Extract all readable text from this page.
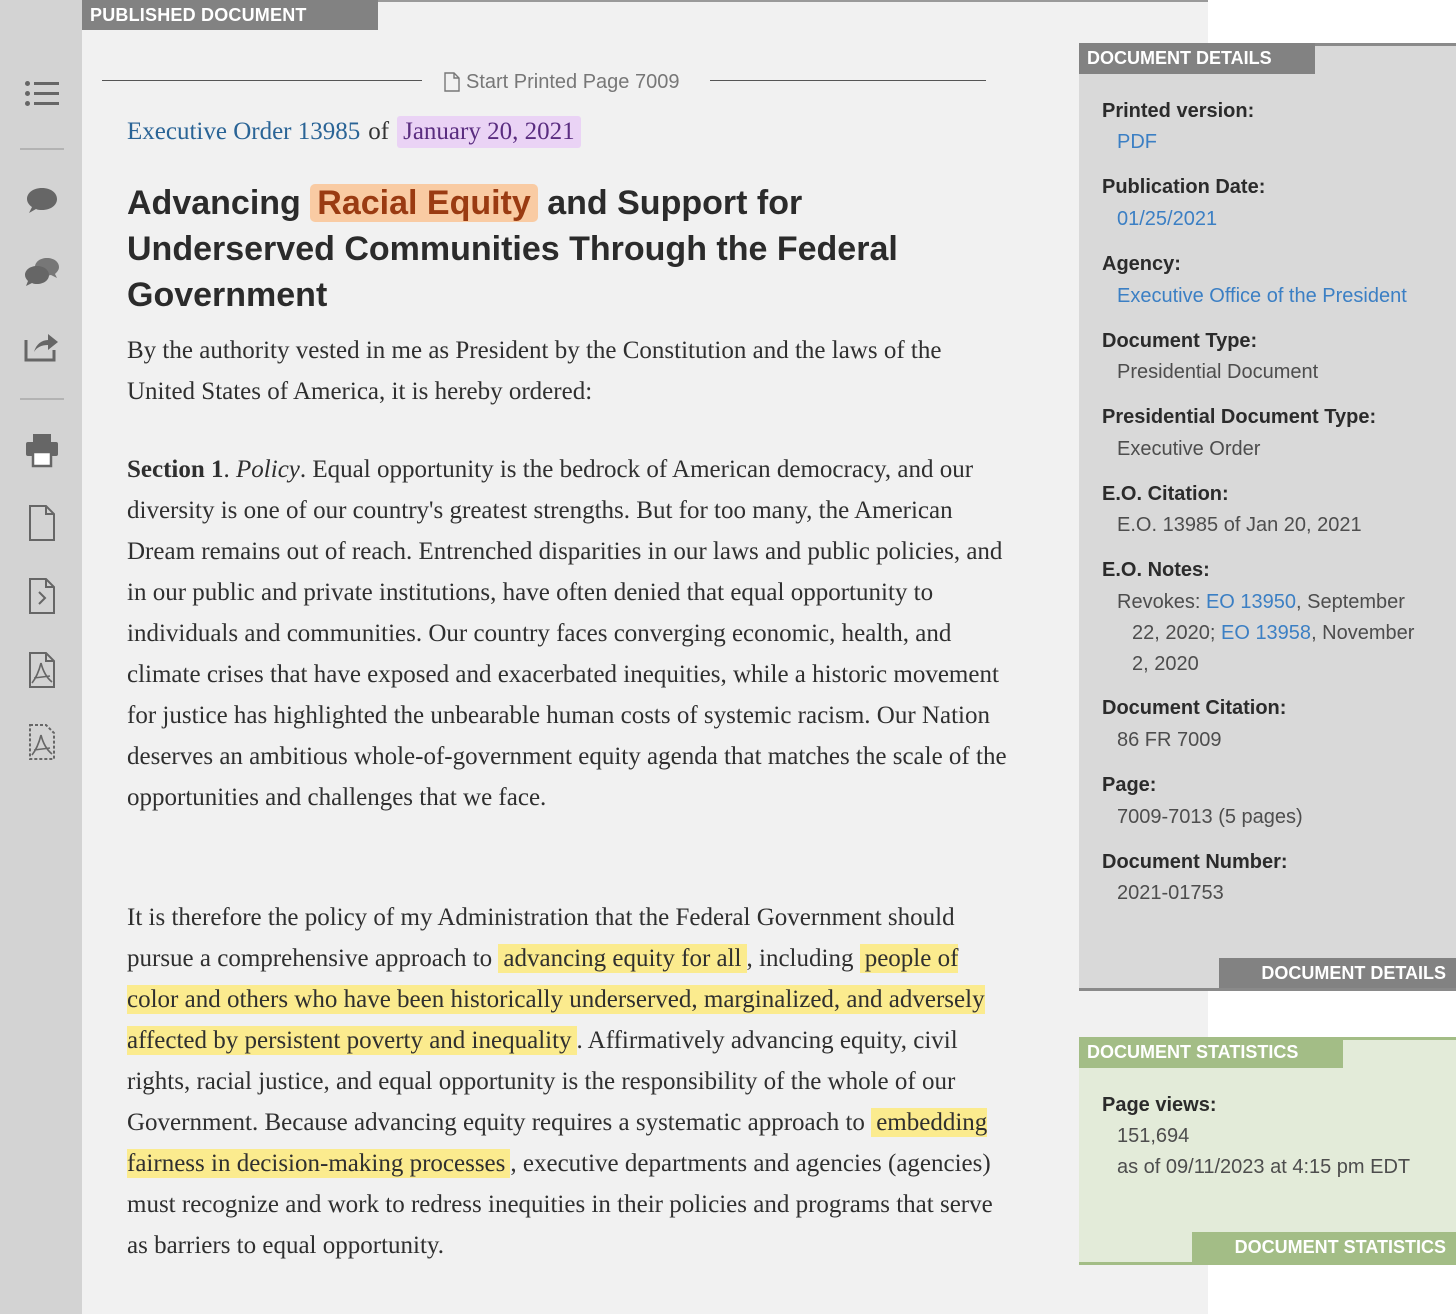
PUBLISHED DOCUMENT
Start Printed Page 7009
Executive Order 13985 of January 20, 2021
Advancing Racial Equity and Support for Underserved Communities Through the Federal Government

By the authority vested in me as President by the Constitution and the laws of the United States of America, it is hereby ordered:

Section 1. Policy. Equal opportunity is the bedrock of American democracy, and our diversity is one of our country's greatest strengths. But for too many, the American Dream remains out of reach. Entrenched disparities in our laws and public policies, and in our public and private institutions, have often denied that equal opportunity to individuals and communities. Our country faces converging economic, health, and climate crises that have exposed and exacerbated inequities, while a historic movement for justice has highlighted the unbearable human costs of systemic racism. Our Nation deserves an ambitious whole-of-government equity agenda that matches the scale of the opportunities and challenges that we face.

It is therefore the policy of my Administration that the Federal Government should pursue a comprehensive approach to advancing equity for all , including people of color and others who have been historically underserved, marginalized, and adversely affected by persistent poverty and inequality . Affirmatively advancing equity, civil rights, racial justice, and equal opportunity is the responsibility of the whole of our Government. Because advancing equity requires a systematic approach to embedding fairness in decision-making processes , executive departments and agencies (agencies) must recognize and work to redress inequities in their policies and programs that serve as barriers to equal opportunity.

DOCUMENT DETAILS
Printed version:
PDF
Publication Date:
01/25/2021
Agency:
Executive Office of the President
Document Type:
Presidential Document
Presidential Document Type:
Executive Order
E.O. Citation:
E.O. 13985 of Jan 20, 2021
E.O. Notes:
Revokes: EO 13950, September
22, 2020; EO 13958, November
2, 2020
Document Citation:
86 FR 7009
Page:
7009-7013 (5 pages)
Document Number:
2021-01753
DOCUMENT DETAILS
DOCUMENT STATISTICS
Page views:
151,694
as of 09/11/2023 at 4:15 pm EDT
DOCUMENT STATISTICS
